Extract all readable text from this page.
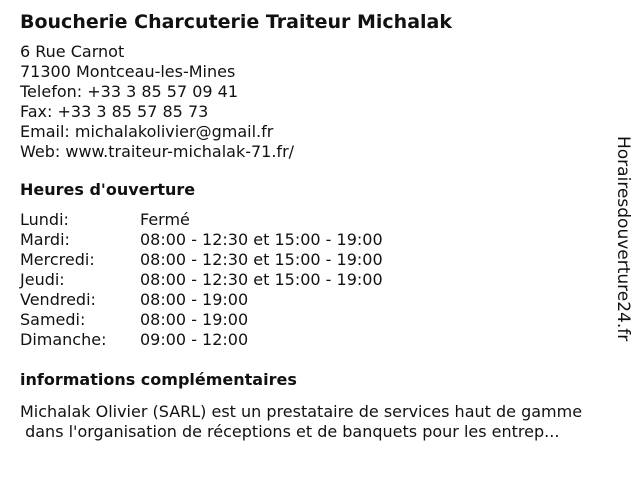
Boucherie Charcuterie Traiteur Michalak
6 Rue Carnot
71300 Montceau-les-Mines
Telefon: +33 3 85 57 09 41
Fax: +33 3 85 57 85 73
Email: michalakolivier@gmail.fr
Web: www.traiteur-michalak-71.fr/
Heures d'ouverture
Lundi:	Fermé
Mardi:	08:00 - 12:30 et 15:00 - 19:00
Mercredi:	08:00 - 12:30 et 15:00 - 19:00
Jeudi:	08:00 - 12:30 et 15:00 - 19:00
Vendredi:	08:00 - 19:00
Samedi:	08:00 - 19:00
Dimanche:	09:00 - 12:00
informations complémentaires
Michalak Olivier (SARL) est un prestataire de services haut de gamme
dans l'organisation de réceptions et de banquets pour les entrep...
Horairesdouverture24.fr
